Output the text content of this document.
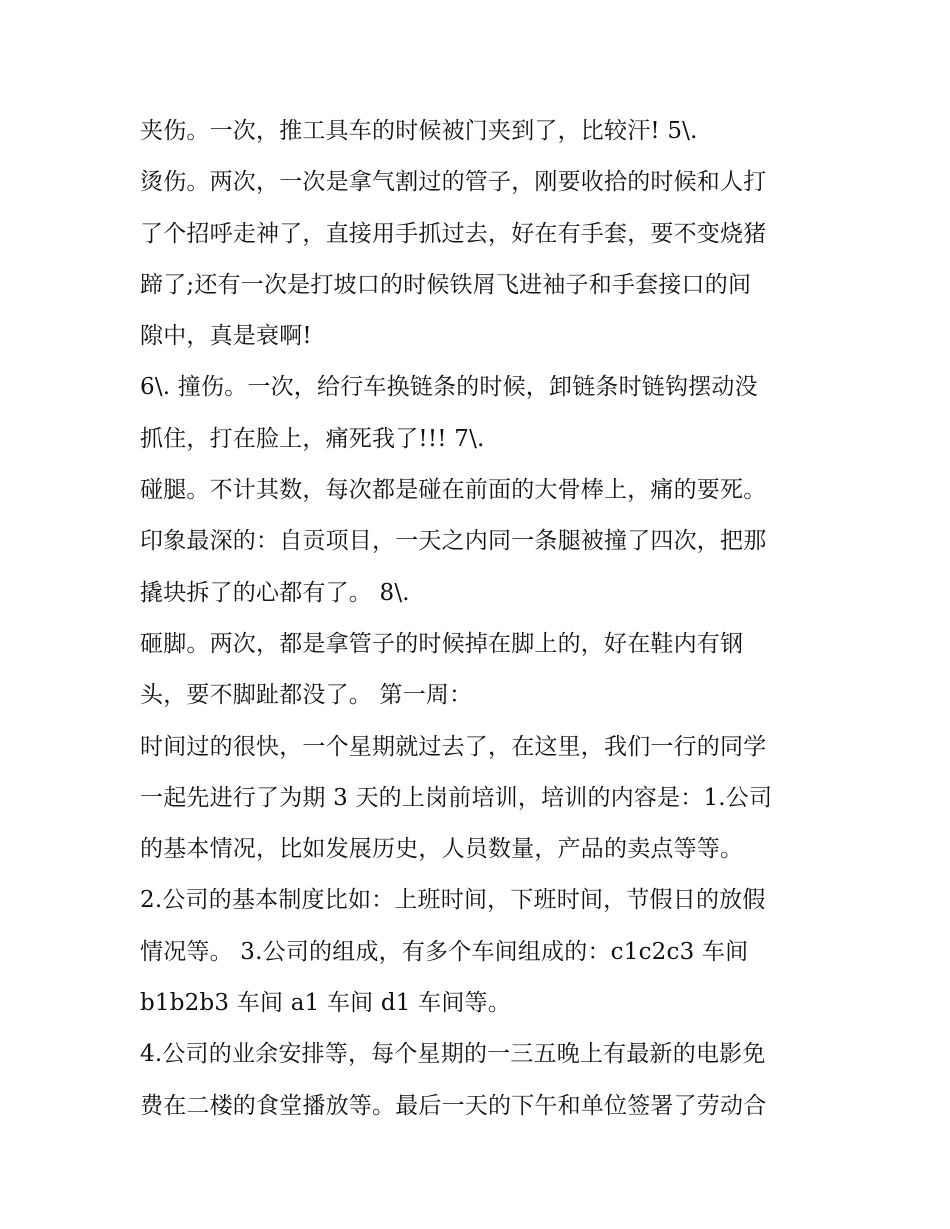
夹伤。一次，推工具车的时候被门夹到了，比较汗! 5\.
烫伤。两次，一次是拿气割过的管子，刚要收拾的时候和人打
了个招呼走神了，直接用手抓过去，好在有手套，要不变烧猪
蹄了;还有一次是打坡口的时候铁屑飞进袖子和手套接口的间
隙中，真是衰啊!
6\. 撞伤。一次，给行车换链条的时候，卸链条时链钩摆动没
抓住，打在脸上，痛死我了!!! 7\.
碰腿。不计其数，每次都是碰在前面的大骨棒上，痛的要死。
印象最深的：自贡项目，一天之内同一条腿被撞了四次，把那
撬块拆了的心都有了。 8\.
砸脚。两次，都是拿管子的时候掉在脚上的，好在鞋内有钢
头，要不脚趾都没了。 第一周：
时间过的很快，一个星期就过去了，在这里，我们一行的同学
一起先进行了为期 3 天的上岗前培训，培训的内容是：1.公司
的基本情况，比如发展历史，人员数量，产品的卖点等等。
2.公司的基本制度比如：上班时间，下班时间，节假日的放假
情况等。 3.公司的组成，有多个车间组成的：c1c2c3 车间
b1b2b3 车间 a1 车间 d1 车间等。
4.公司的业余安排等，每个星期的一三五晚上有最新的电影免
费在二楼的食堂播放等。最后一天的下午和单位签署了劳动合
